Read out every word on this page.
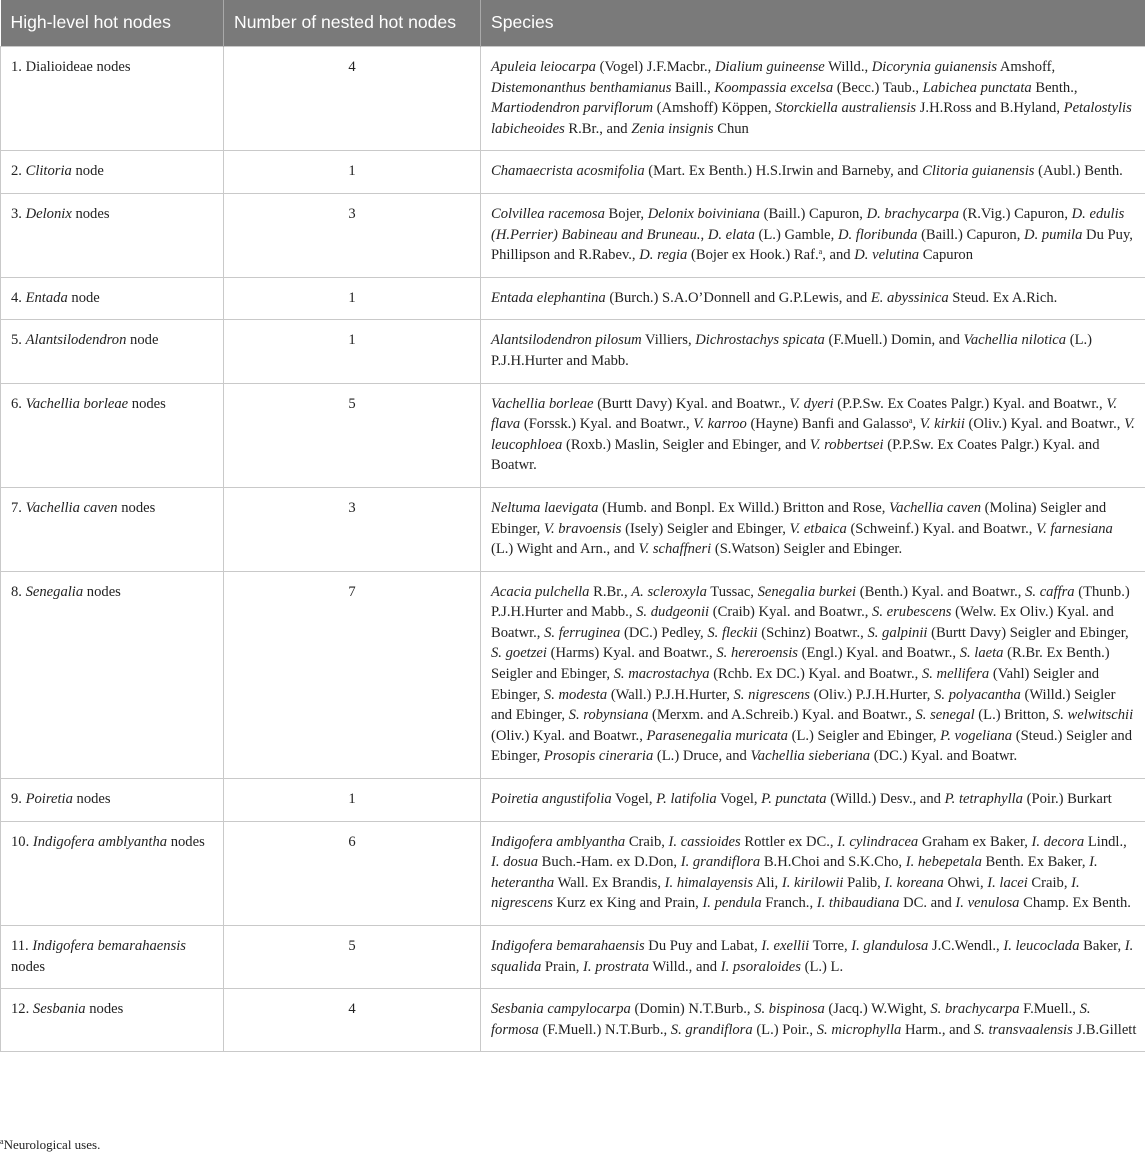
High-level hot nodes	Number of nested hot nodes	Species
1. Dialioideae nodes	4	Apuleia leiocarpa (Vogel) J.F.Macbr., Dialium guineense Willd., Dicorynia guianensis Amshoff, Distemonanthus benthamianus Baill., Koompassia excelsa (Becc.) Taub., Labichea punctata Benth., Martiodendron parviflorum (Amshoff) Köppen, Storckiella australiensis J.H.Ross and B.Hyland, Petalostylis labicheoides R.Br., and Zenia insignis Chun
2. Clitoria node	1	Chamaecrista acosmifolia (Mart. Ex Benth.) H.S.Irwin and Barneby, and Clitoria guianensis (Aubl.) Benth.
3. Delonix nodes	3	Colvillea racemosa Bojer, Delonix boiviniana (Baill.) Capuron, D. brachycarpa (R.Vig.) Capuron, D. edulis (H.Perrier) Babineau and Bruneau., D. elata (L.) Gamble, D. floribunda (Baill.) Capuron, D. pumila Du Puy, Phillipson and R.Rabev., D. regia (Bojer ex Hook.) Raf.$^a$, and D. velutina Capuron
4. Entada node	1	Entada elephantina (Burch.) S.A.O’Donnell and G.P.Lewis, and E. abyssinica Steud. Ex A.Rich.
5. Alantsilodendron node	1	Alantsilodendron pilosum Villiers, Dichrostachys spicata (F.Muell.) Domin, and Vachellia nilotica (L.) P.J.H.Hurter and Mabb.
6. Vachellia borleae nodes	5	Vachellia borleae (Burtt Davy) Kyal. and Boatwr., V. dyeri (P.P.Sw. Ex Coates Palgr.) Kyal. and Boatwr., V. flava (Forssk.) Kyal. and Boatwr., V. karroo (Hayne) Banfi and Galasso$^a$, V. kirkii (Oliv.) Kyal. and Boatwr., V. leucophloea (Roxb.) Maslin, Seigler and Ebinger, and V. robbertsei (P.P.Sw. Ex Coates Palgr.) Kyal. and Boatwr.
7. Vachellia caven nodes	3	Neltuma laevigata (Humb. and Bonpl. Ex Willd.) Britton and Rose, Vachellia caven (Molina) Seigler and Ebinger, V. bravoensis (Isely) Seigler and Ebinger, V. etbaica (Schweinf.) Kyal. and Boatwr., V. farnesiana (L.) Wight and Arn., and V. schaffneri (S.Watson) Seigler and Ebinger.
8. Senegalia nodes	7	Acacia pulchella R.Br., A. scleroxyla Tussac, Senegalia burkei (Benth.) Kyal. and Boatwr., S. caffra (Thunb.) P.J.H.Hurter and Mabb., S. dudgeonii (Craib) Kyal. and Boatwr., S. erubescens (Welw. Ex Oliv.) Kyal. and Boatwr., S. ferruginea (DC.) Pedley, S. fleckii (Schinz) Boatwr., S. galpinii (Burtt Davy) Seigler and Ebinger, S. goetzei (Harms) Kyal. and Boatwr., S. hereroensis (Engl.) Kyal. and Boatwr., S. laeta (R.Br. Ex Benth.) Seigler and Ebinger, S. macrostachya (Rchb. Ex DC.) Kyal. and Boatwr., S. mellifera (Vahl) Seigler and Ebinger, S. modesta (Wall.) P.J.H.Hurter, S. nigrescens (Oliv.) P.J.H.Hurter, S. polyacantha (Willd.) Seigler and Ebinger, S. robynsiana (Merxm. and A.Schreib.) Kyal. and Boatwr., S. senegal (L.) Britton, S. welwitschii (Oliv.) Kyal. and Boatwr., Parasenegalia muricata (L.) Seigler and Ebinger, P. vogeliana (Steud.) Seigler and Ebinger, Prosopis cineraria (L.) Druce, and Vachellia sieberiana (DC.) Kyal. and Boatwr.
9. Poiretia nodes	1	Poiretia angustifolia Vogel, P. latifolia Vogel, P. punctata (Willd.) Desv., and P. tetraphylla (Poir.) Burkart
10. Indigofera amblyantha nodes	6	Indigofera amblyantha Craib, I. cassioides Rottler ex DC., I. cylindracea Graham ex Baker, I. decora Lindl., I. dosua Buch.-Ham. ex D.Don, I. grandiflora B.H.Choi and S.K.Cho, I. hebepetala Benth. Ex Baker, I. heterantha Wall. Ex Brandis, I. himalayensis Ali, I. kirilowii Palib, I. koreana Ohwi, I. lacei Craib, I. nigrescens Kurz ex King and Prain, I. pendula Franch., I. thibaudiana DC. and I. venulosa Champ. Ex Benth.
11. Indigofera bemarahaensis nodes	5	Indigofera bemarahaensis Du Puy and Labat, I. exellii Torre, I. glandulosa J.C.Wendl., I. leucoclada Baker, I. squalida Prain, I. prostrata Willd., and I. psoraloides (L.) L.
12. Sesbania nodes	4	Sesbania campylocarpa (Domin) N.T.Burb., S. bispinosa (Jacq.) W.Wight, S. brachycarpa F.Muell., S. formosa (F.Muell.) N.T.Burb., S. grandiflora (L.) Poir., S. microphylla Harm., and S. transvaalensis J.B.Gillett
$^a$Neurological uses.
